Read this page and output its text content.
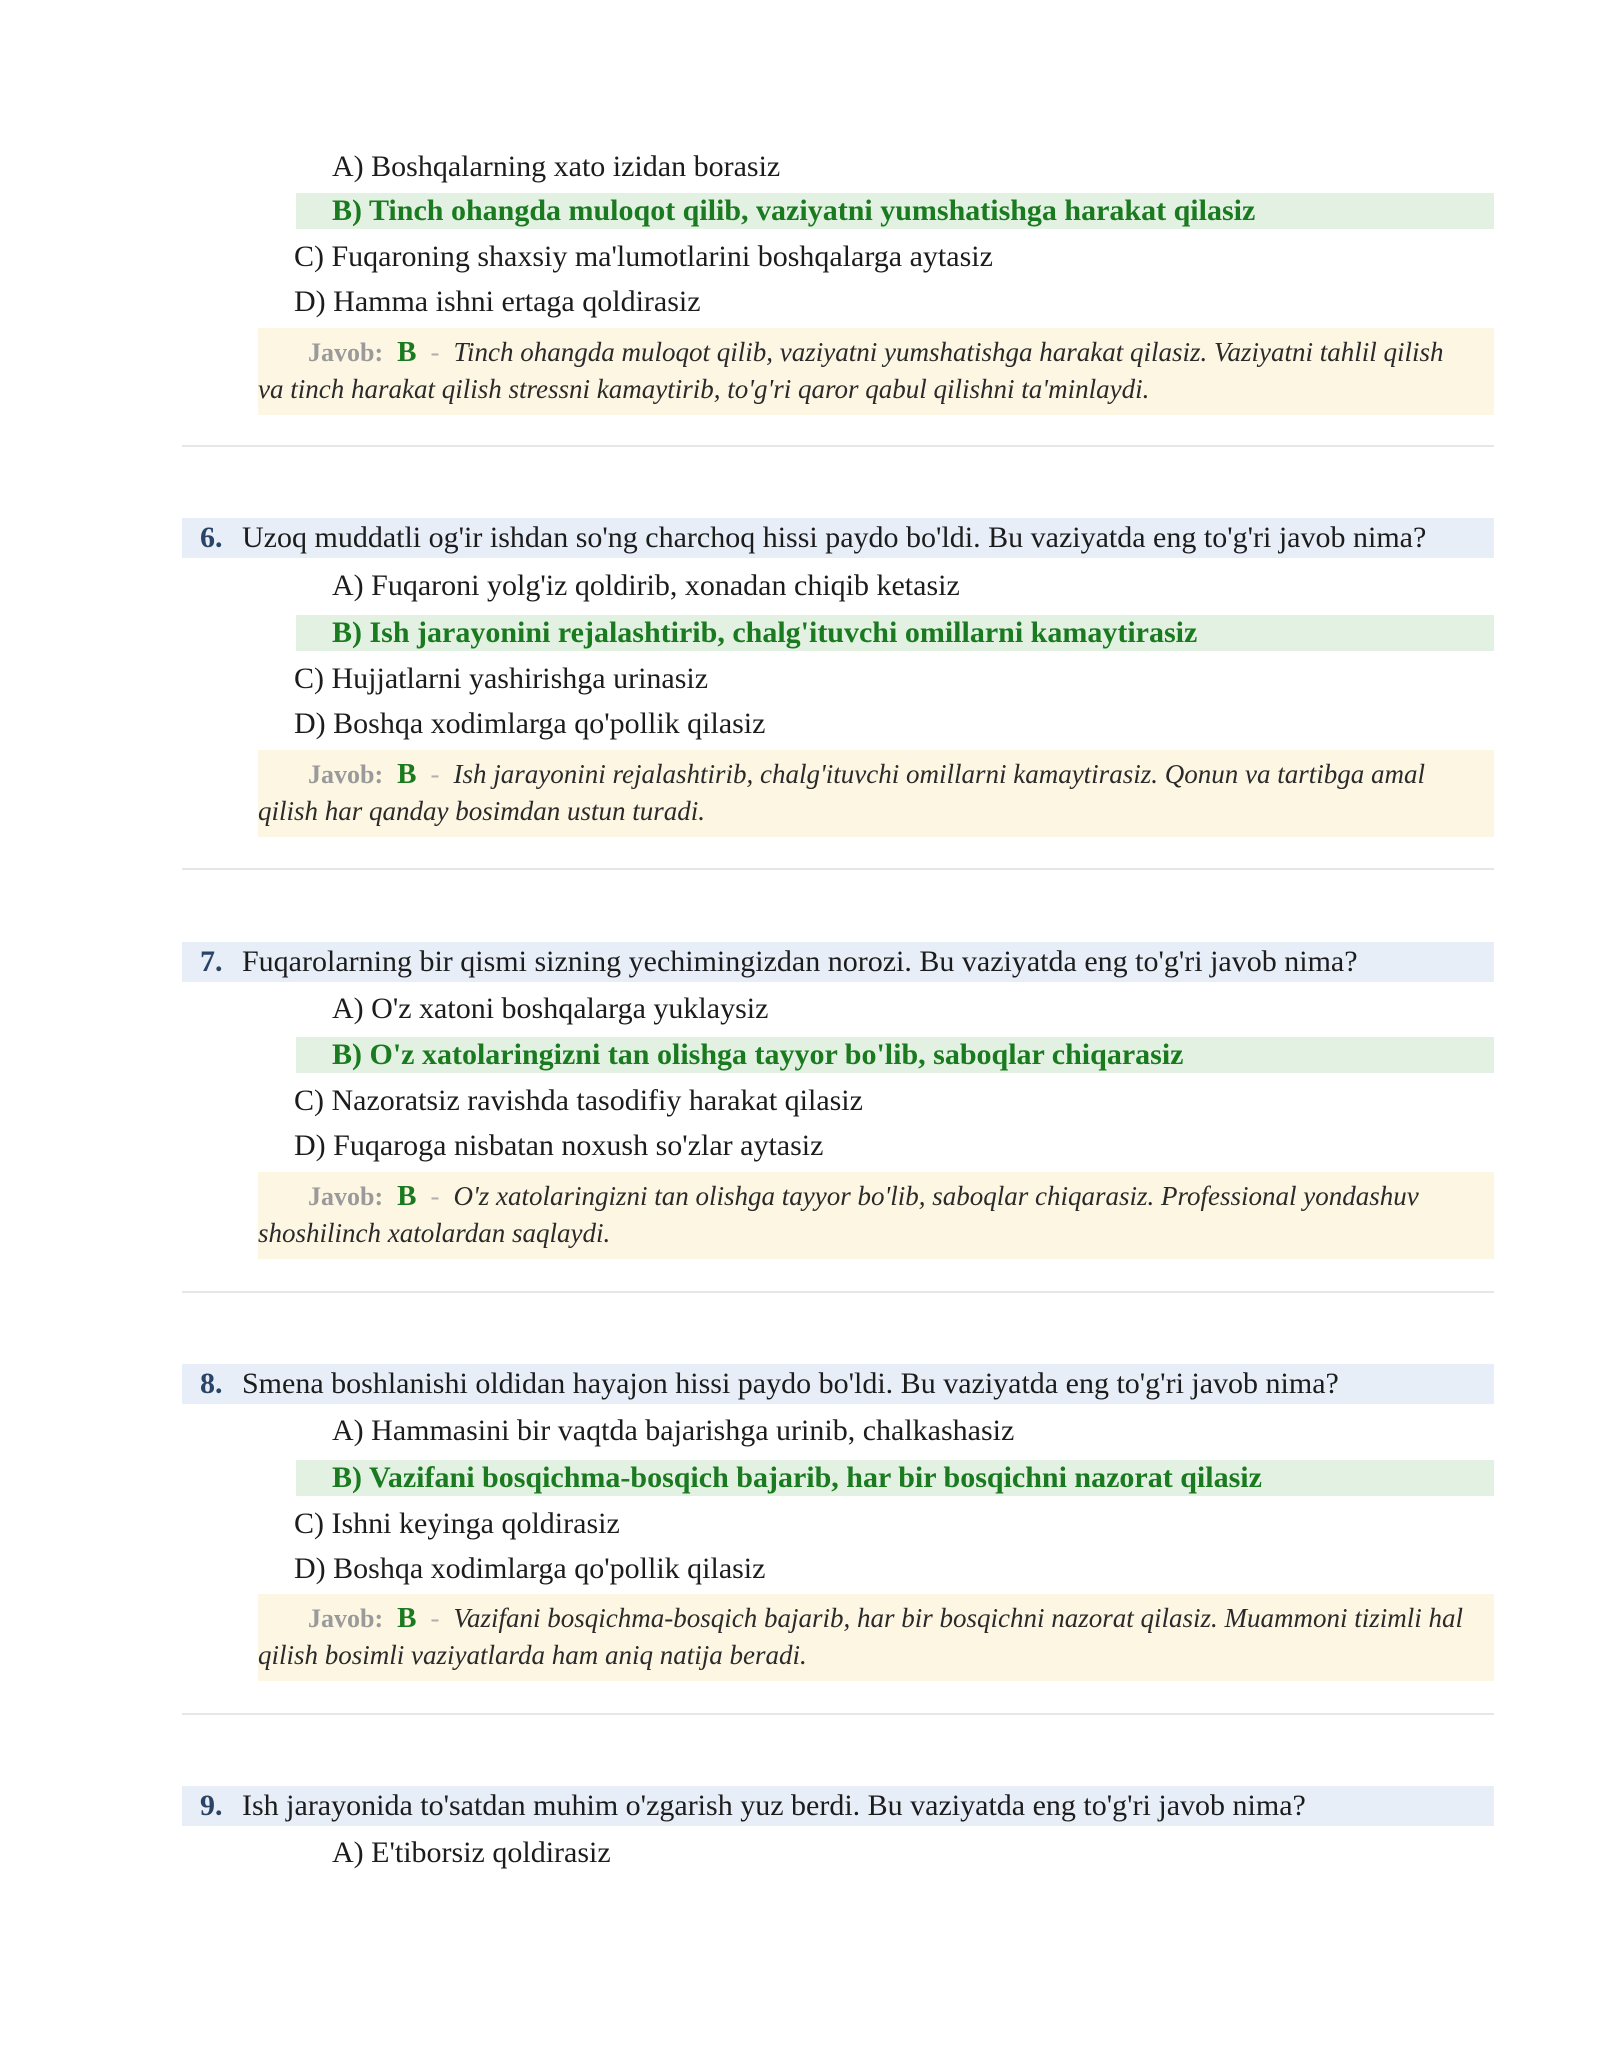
A) Boshqalarning xato izidan borasiz
B) Tinch ohangda muloqot qilib, vaziyatni yumshatishga harakat qilasiz
C) Fuqaroning shaxsiy ma'lumotlarini boshqalarga aytasiz
D) Hamma ishni ertaga qoldirasiz
Javob: B - Tinch ohangda muloqot qilib, vaziyatni yumshatishga harakat qilasiz. Vaziyatni tahlil qilish va tinch harakat qilish stressni kamaytirib, to'g'ri qaror qabul qilishni ta'minlaydi.
6. Uzoq muddatli og'ir ishdan so'ng charchoq hissi paydo bo'ldi. Bu vaziyatda eng to'g'ri javob nima?
A) Fuqaroni yolg'iz qoldirib, xonadan chiqib ketasiz
B) Ish jarayonini rejalashtirib, chalg'ituvchi omillarni kamaytirasiz
C) Hujjatlarni yashirishga urinasiz
D) Boshqa xodimlarga qo'pollik qilasiz
Javob: B - Ish jarayonini rejalashtirib, chalg'ituvchi omillarni kamaytirasiz. Qonun va tartibga amal qilish har qanday bosimdan ustun turadi.
7. Fuqarolarning bir qismi sizning yechimingizdan norozi. Bu vaziyatda eng to'g'ri javob nima?
A) O'z xatoni boshqalarga yuklaysiz
B) O'z xatolaringizni tan olishga tayyor bo'lib, saboqlar chiqarasiz
C) Nazoratsiz ravishda tasodifiy harakat qilasiz
D) Fuqaroga nisbatan noxush so'zlar aytasiz
Javob: B - O'z xatolaringizni tan olishga tayyor bo'lib, saboqlar chiqarasiz. Professional yondashuv shoshilinch xatolardan saqlaydi.
8. Smena boshlanishi oldidan hayajon hissi paydo bo'ldi. Bu vaziyatda eng to'g'ri javob nima?
A) Hammasini bir vaqtda bajarishga urinib, chalkashasiz
B) Vazifani bosqichma-bosqich bajarib, har bir bosqichni nazorat qilasiz
C) Ishni keyinga qoldirasiz
D) Boshqa xodimlarga qo'pollik qilasiz
Javob: B - Vazifani bosqichma-bosqich bajarib, har bir bosqichni nazorat qilasiz. Muammoni tizimli hal qilish bosimli vaziyatlarda ham aniq natija beradi.
9. Ish jarayonida to'satdan muhim o'zgarish yuz berdi. Bu vaziyatda eng to'g'ri javob nima?
A) E'tiborsiz qoldirasiz
